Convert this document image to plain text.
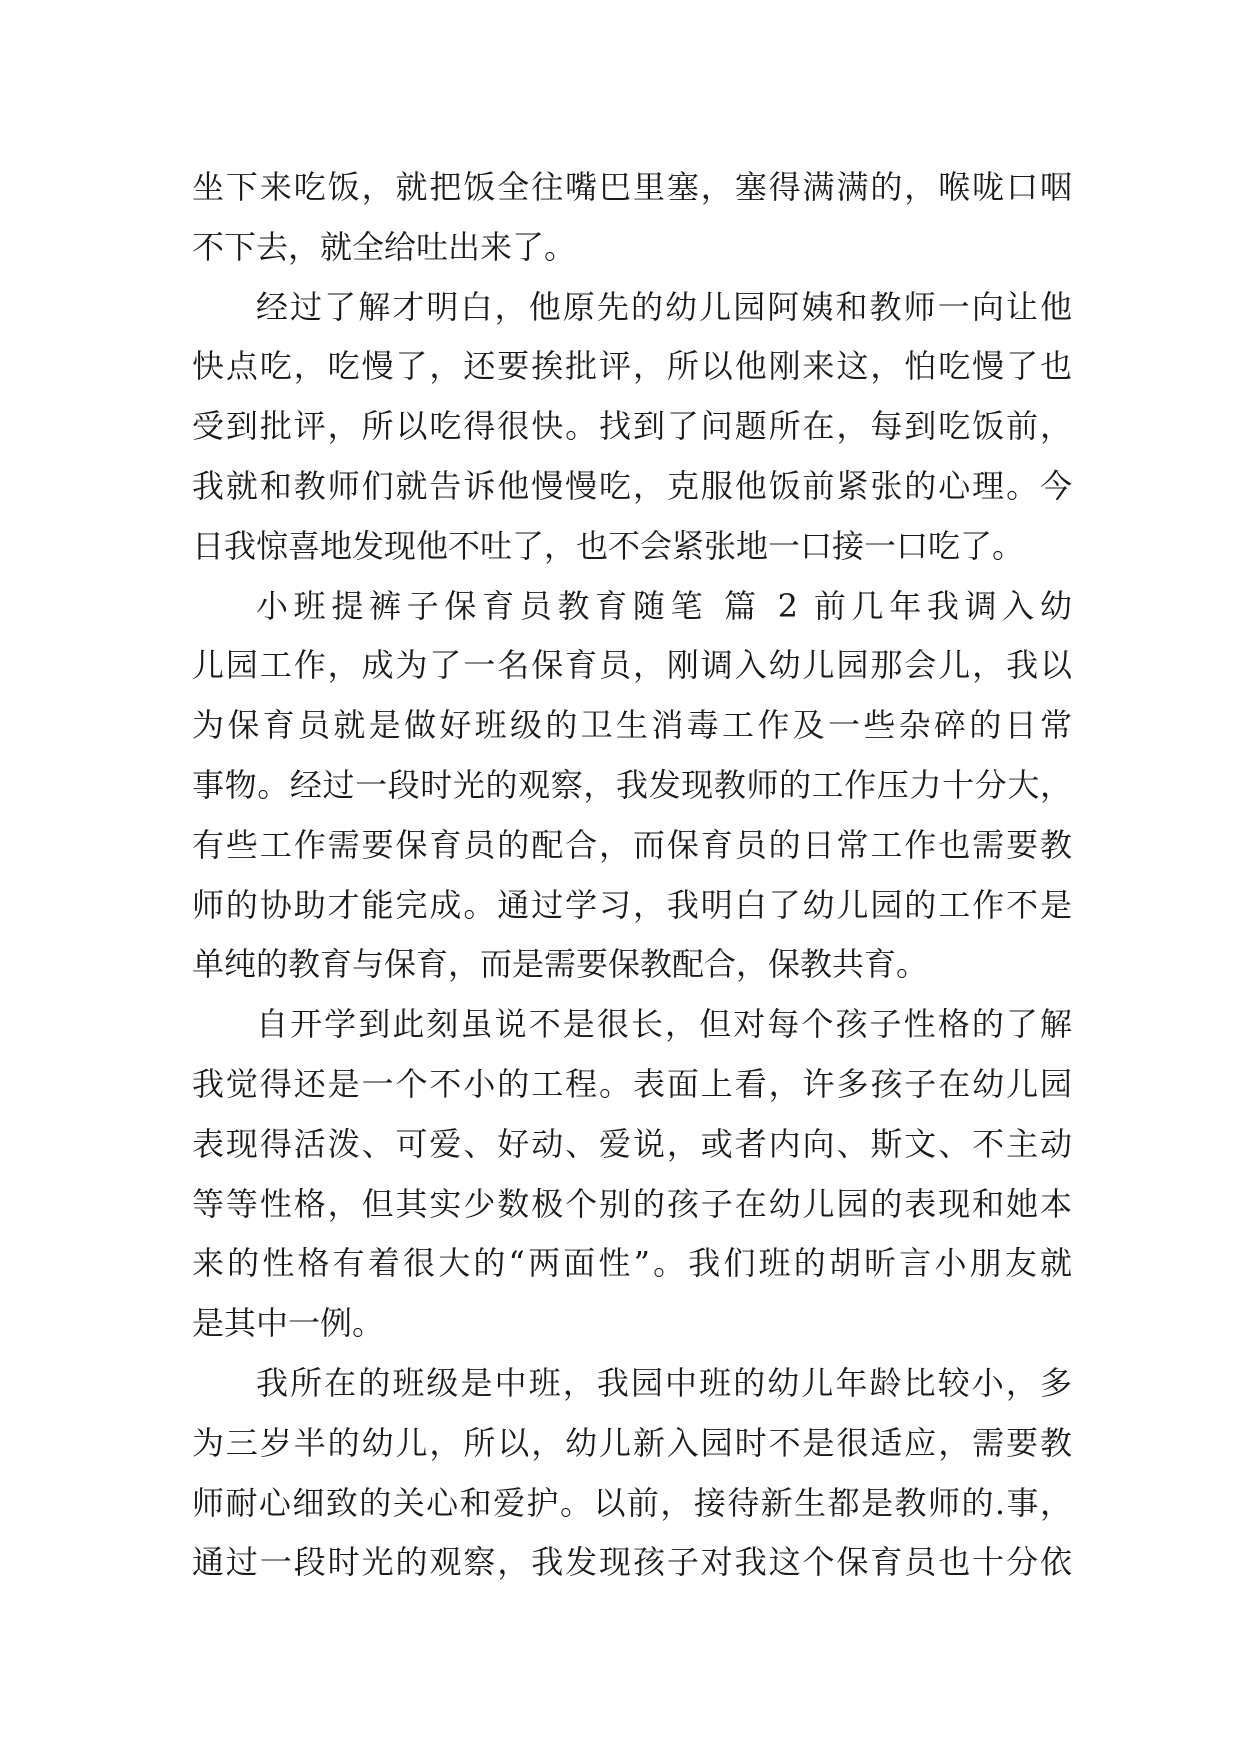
坐下来吃饭，就把饭全往嘴巴里塞，塞得满满的，喉咙口咽
不下去，就全给吐出来了。
经过了解才明白，他原先的幼儿园阿姨和教师一向让他
快点吃，吃慢了，还要挨批评，所以他刚来这，怕吃慢了也
受到批评，所以吃得很快。找到了问题所在，每到吃饭前，
我就和教师们就告诉他慢慢吃，克服他饭前紧张的心理。今
日我惊喜地发现他不吐了，也不会紧张地一口接一口吃了。
小班提裤子保育员教育随笔 篇 2 前几年我调入幼
儿园工作，成为了一名保育员，刚调入幼儿园那会儿，我以
为保育员就是做好班级的卫生消毒工作及一些杂碎的日常
事物。经过一段时光的观察，我发现教师的工作压力十分大，
有些工作需要保育员的配合，而保育员的日常工作也需要教
师的协助才能完成。通过学习，我明白了幼儿园的工作不是
单纯的教育与保育，而是需要保教配合，保教共育。
自开学到此刻虽说不是很长，但对每个孩子性格的了解
我觉得还是一个不小的工程。表面上看，许多孩子在幼儿园
表现得活泼、可爱、好动、爱说，或者内向、斯文、不主动
等等性格，但其实少数极个别的孩子在幼儿园的表现和她本
来的性格有着很大的“两面性”。我们班的胡昕言小朋友就
是其中一例。
我所在的班级是中班，我园中班的幼儿年龄比较小，多
为三岁半的幼儿，所以，幼儿新入园时不是很适应，需要教
师耐心细致的关心和爱护。以前，接待新生都是教师的.事，
通过一段时光的观察，我发现孩子对我这个保育员也十分依
